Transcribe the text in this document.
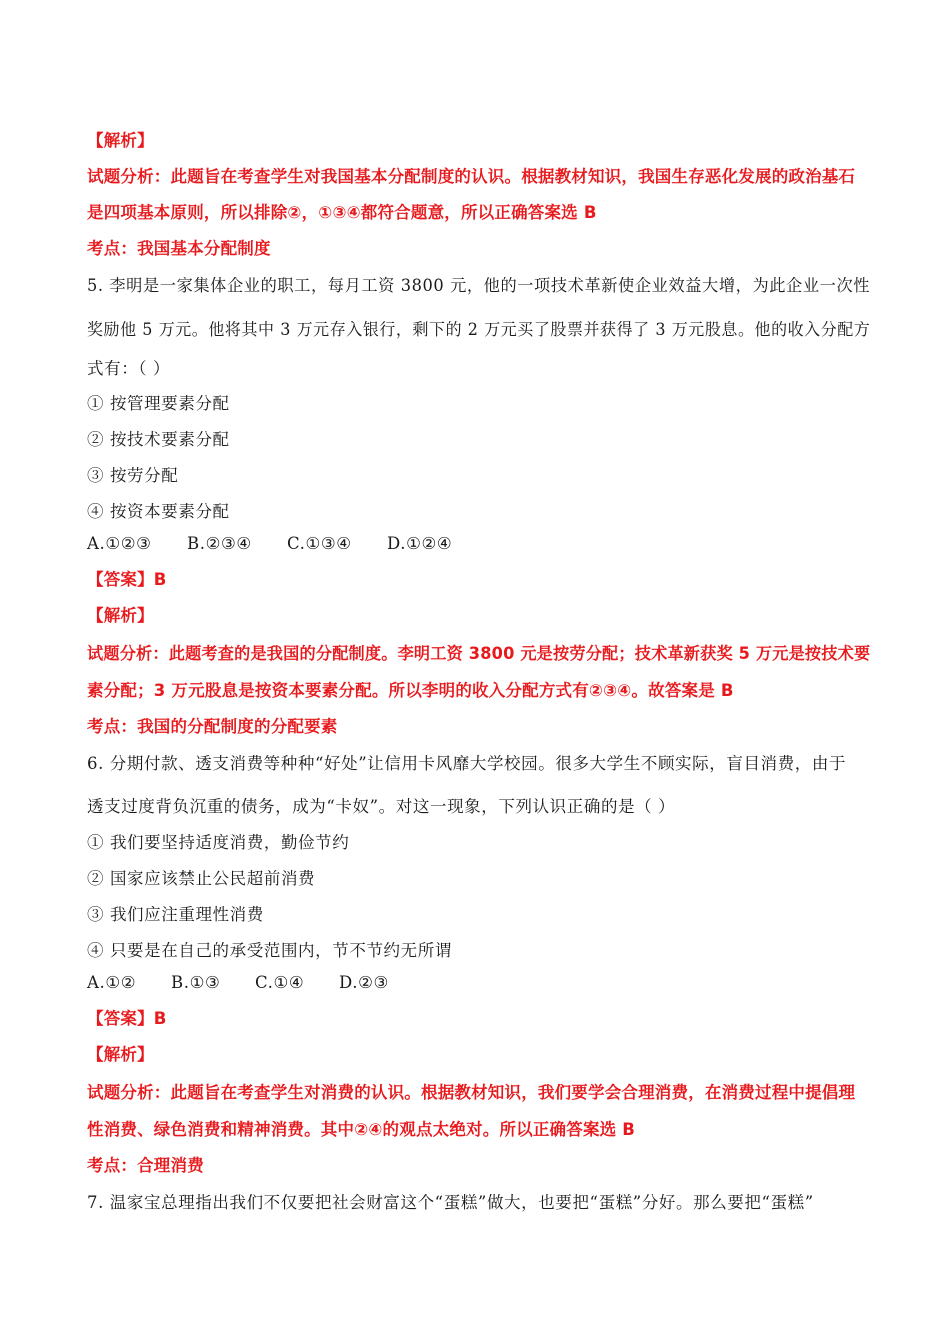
【解析】
试题分析：此题旨在考查学生对我国基本分配制度的认识。根据教材知识，我国生存恶化发展的政治基石
是四项基本原则，所以排除②，①③④都符合题意，所以正确答案选 B
考点：我国基本分配制度
5. 李明是一家集体企业的职工，每月工资 3800 元，他的一项技术革新使企业效益大增，为此企业一次性
奖励他 5 万元。他将其中 3 万元存入银行，剩下的 2 万元买了股票并获得了 3 万元股息。他的收入分配方
式有：（ ）
① 按管理要素分配
② 按技术要素分配
③ 按劳分配
④ 按资本要素分配
A.①②③ B.②③④ C.①③④ D.①②④
【答案】B
【解析】
试题分析：此题考查的是我国的分配制度。李明工资 3800 元是按劳分配；技术革新获奖 5 万元是按技术要
素分配；3 万元股息是按资本要素分配。所以李明的收入分配方式有②③④。故答案是 B
考点：我国的分配制度的分配要素
6. 分期付款、透支消费等种种“好处”让信用卡风靡大学校园。很多大学生不顾实际，盲目消费，由于
透支过度背负沉重的债务，成为“卡奴”。对这一现象，下列认识正确的是（ ）
① 我们要坚持适度消费，勤俭节约
② 国家应该禁止公民超前消费
③ 我们应注重理性消费
④ 只要是在自己的承受范围内，节不节约无所谓
A.①② B.①③ C.①④ D.②③
【答案】B
【解析】
试题分析：此题旨在考查学生对消费的认识。根据教材知识，我们要学会合理消费，在消费过程中提倡理
性消费、绿色消费和精神消费。其中②④的观点太绝对。所以正确答案选 B
考点：合理消费
7. 温家宝总理指出我们不仅要把社会财富这个“蛋糕”做大，也要把“蛋糕”分好。那么要把“蛋糕”
